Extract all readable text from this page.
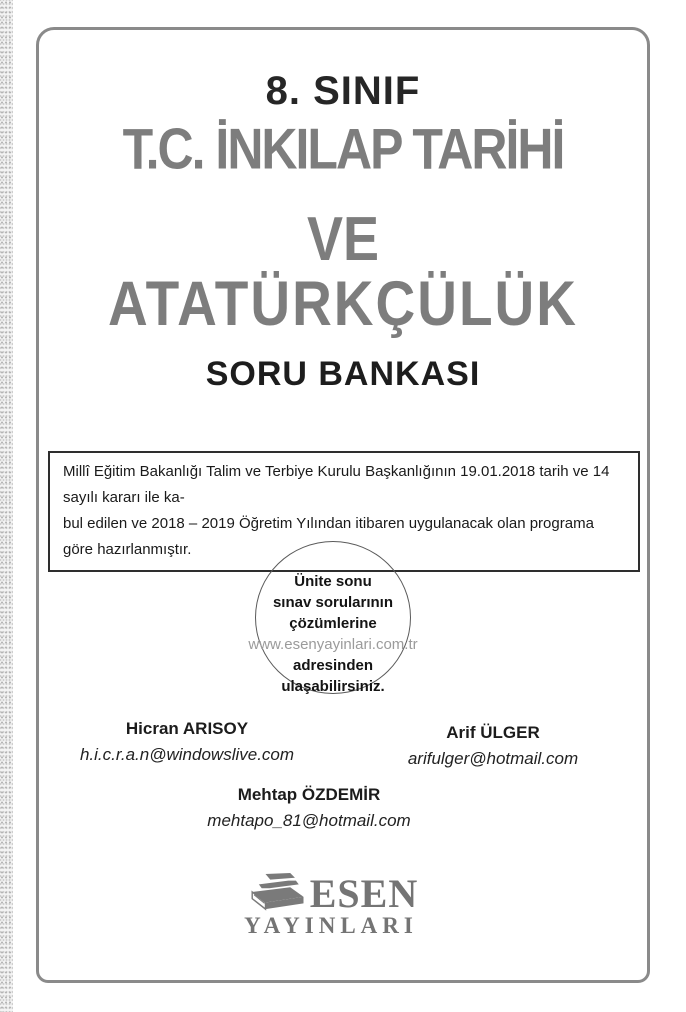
8. SINIF
T.C. İNKILAP TARİHİ
VE
ATATÜRKÇÜLÜK
SORU BANKASI
Millî Eğitim Bakanlığı Talim ve Terbiye Kurulu Başkanlığının 19.01.2018 tarih ve 14 sayılı kararı ile ka-
bul edilen ve 2018 – 2019 Öğretim Yılından itibaren uygulanacak olan programa göre hazırlanmıştır.
Ünite sonu
sınav sorularının
çözümlerine
www.esenyayinlari.com.tr
adresinden
ulaşabilirsiniz.
Hicran ARISOY
h.i.c.r.a.n@windowslive.com
Arif ÜLGER
arifulger@hotmail.com
Mehtap ÖZDEMİR
mehtapo_81@hotmail.com
ESEN
YAYINLARI
